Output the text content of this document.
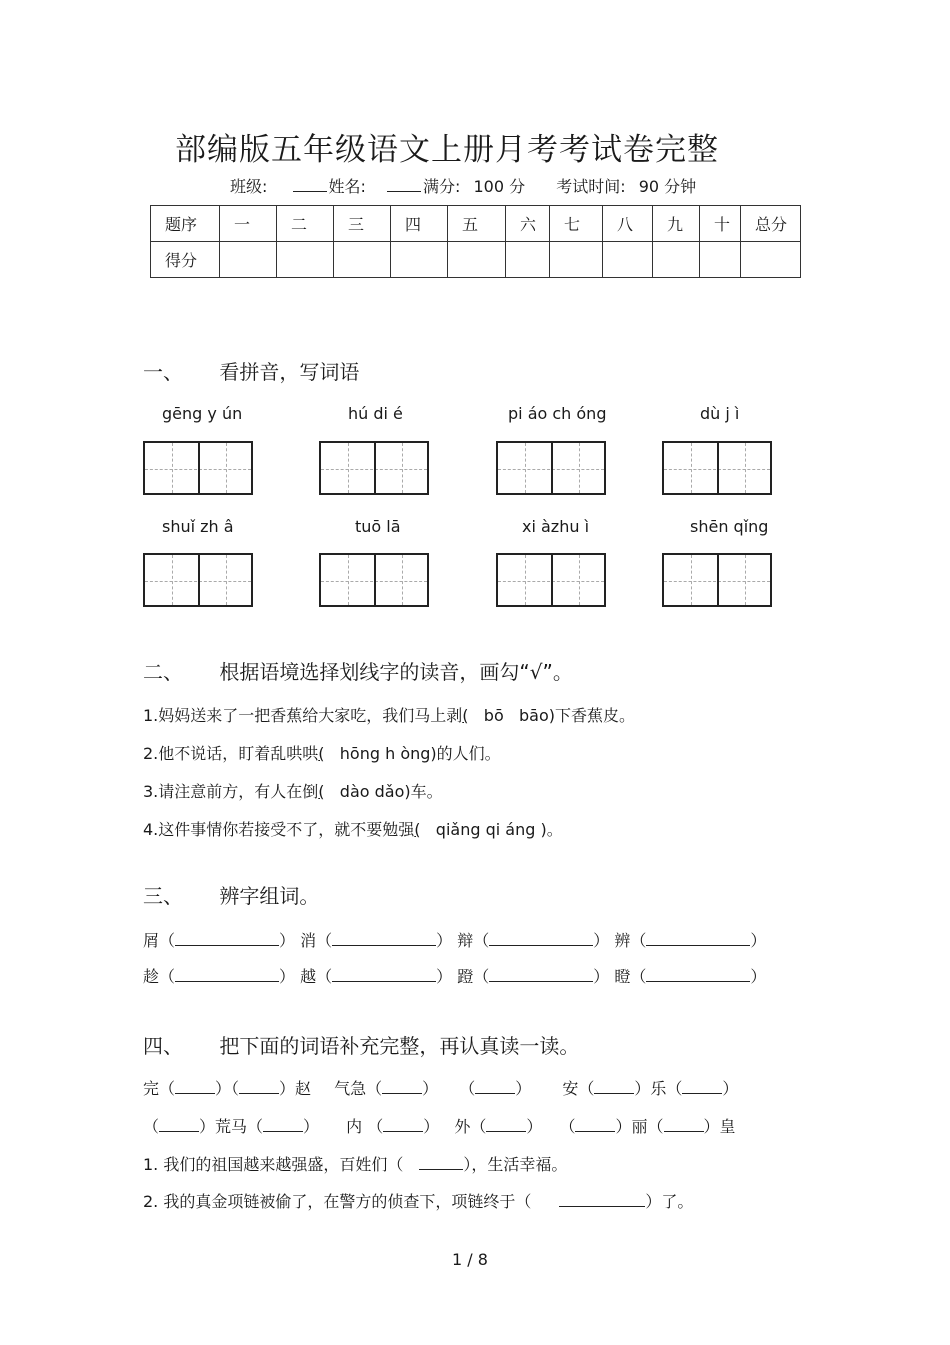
部编版五年级语文上册月考考试卷完整
班级:	姓名:	满分: 100 分 考试时间: 90 分钟
题序	一	二	三	四	五	六	七	八	九	十	总分
得分											
一、 看拼音，写词语
gēng y ún	hú di é	pi áo ch óng	dù j ì
shuǐ zh â	tuō lā	xi àzhu ì	shēn qǐng
二、 根据语境选择划线字的读音，画勾“√”。
1.妈妈送来了一把香蕉给大家吃，我们马上剥(   bō   bāo)下香蕉皮。
2.他不说话，盯着乱哄哄(   hōng h òng)的人们。
3.请注意前方，有人在倒(   dào dǎo)车。
4.这件事情你若接受不了，就不要勉强(   qiǎng qi áng )。
三、 辨字组词。
屑（	） 消（	） 辩（	） 辨（	）
趁（	） 越（	） 蹬（	） 瞪（	）
四、 把下面的词语补充完整，再认真读一读。
完（	）（	）赵 气急（	） （	） 安（	）乐（	）
（	）荒马（	） 内 （	） 外（	） （	）丽（	）皇
1. 我们的祖国越来越强盛，百姓们（	），生活幸福。
2. 我的真金项链被偷了，在警方的侦查下，项链终于（	）了。
1 / 8
